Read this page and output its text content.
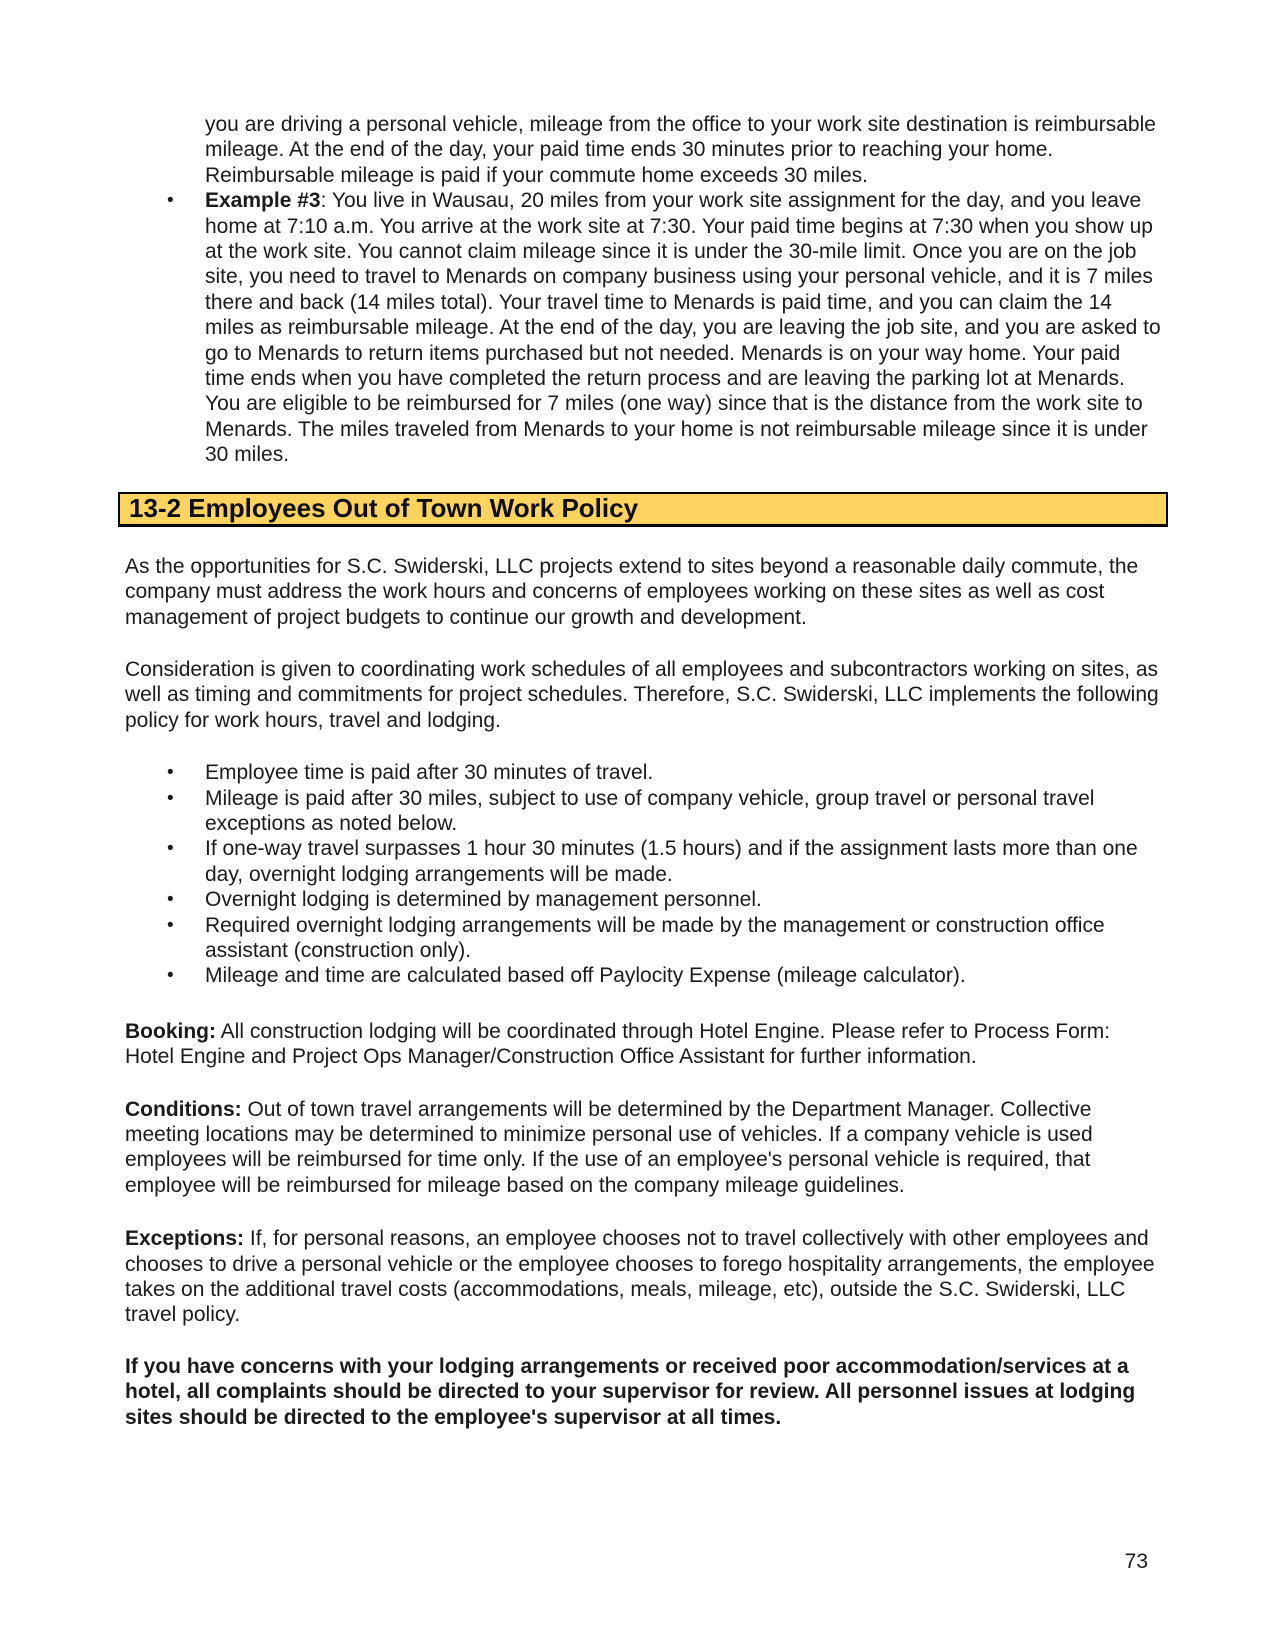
you are driving a personal vehicle, mileage from the office to your work site destination is reimbursable mileage. At the end of the day, your paid time ends 30 minutes prior to reaching your home. Reimbursable mileage is paid if your commute home exceeds 30 miles.
• Example #3: You live in Wausau, 20 miles from your work site assignment for the day, and you leave home at 7:10 a.m. You arrive at the work site at 7:30. Your paid time begins at 7:30 when you show up at the work site. You cannot claim mileage since it is under the 30-mile limit. Once you are on the job site, you need to travel to Menards on company business using your personal vehicle, and it is 7 miles there and back (14 miles total). Your travel time to Menards is paid time, and you can claim the 14 miles as reimbursable mileage. At the end of the day, you are leaving the job site, and you are asked to go to Menards to return items purchased but not needed. Menards is on your way home. Your paid time ends when you have completed the return process and are leaving the parking lot at Menards. You are eligible to be reimbursed for 7 miles (one way) since that is the distance from the work site to Menards. The miles traveled from Menards to your home is not reimbursable mileage since it is under 30 miles.
13-2 Employees Out of Town Work Policy
As the opportunities for S.C. Swiderski, LLC projects extend to sites beyond a reasonable daily commute, the company must address the work hours and concerns of employees working on these sites as well as cost management of project budgets to continue our growth and development.
Consideration is given to coordinating work schedules of all employees and subcontractors working on sites, as well as timing and commitments for project schedules. Therefore, S.C. Swiderski, LLC implements the following policy for work hours, travel and lodging.
• Employee time is paid after 30 minutes of travel.
• Mileage is paid after 30 miles, subject to use of company vehicle, group travel or personal travel exceptions as noted below.
• If one-way travel surpasses 1 hour 30 minutes (1.5 hours) and if the assignment lasts more than one day, overnight lodging arrangements will be made.
• Overnight lodging is determined by management personnel.
• Required overnight lodging arrangements will be made by the management or construction office assistant (construction only).
• Mileage and time are calculated based off Paylocity Expense (mileage calculator).
Booking: All construction lodging will be coordinated through Hotel Engine. Please refer to Process Form: Hotel Engine and Project Ops Manager/Construction Office Assistant for further information.
Conditions: Out of town travel arrangements will be determined by the Department Manager. Collective meeting locations may be determined to minimize personal use of vehicles. If a company vehicle is used employees will be reimbursed for time only. If the use of an employee's personal vehicle is required, that employee will be reimbursed for mileage based on the company mileage guidelines.
Exceptions: If, for personal reasons, an employee chooses not to travel collectively with other employees and chooses to drive a personal vehicle or the employee chooses to forego hospitality arrangements, the employee takes on the additional travel costs (accommodations, meals, mileage, etc), outside the S.C. Swiderski, LLC travel policy.
If you have concerns with your lodging arrangements or received poor accommodation/services at a hotel, all complaints should be directed to your supervisor for review. All personnel issues at lodging sites should be directed to the employee's supervisor at all times.
73
